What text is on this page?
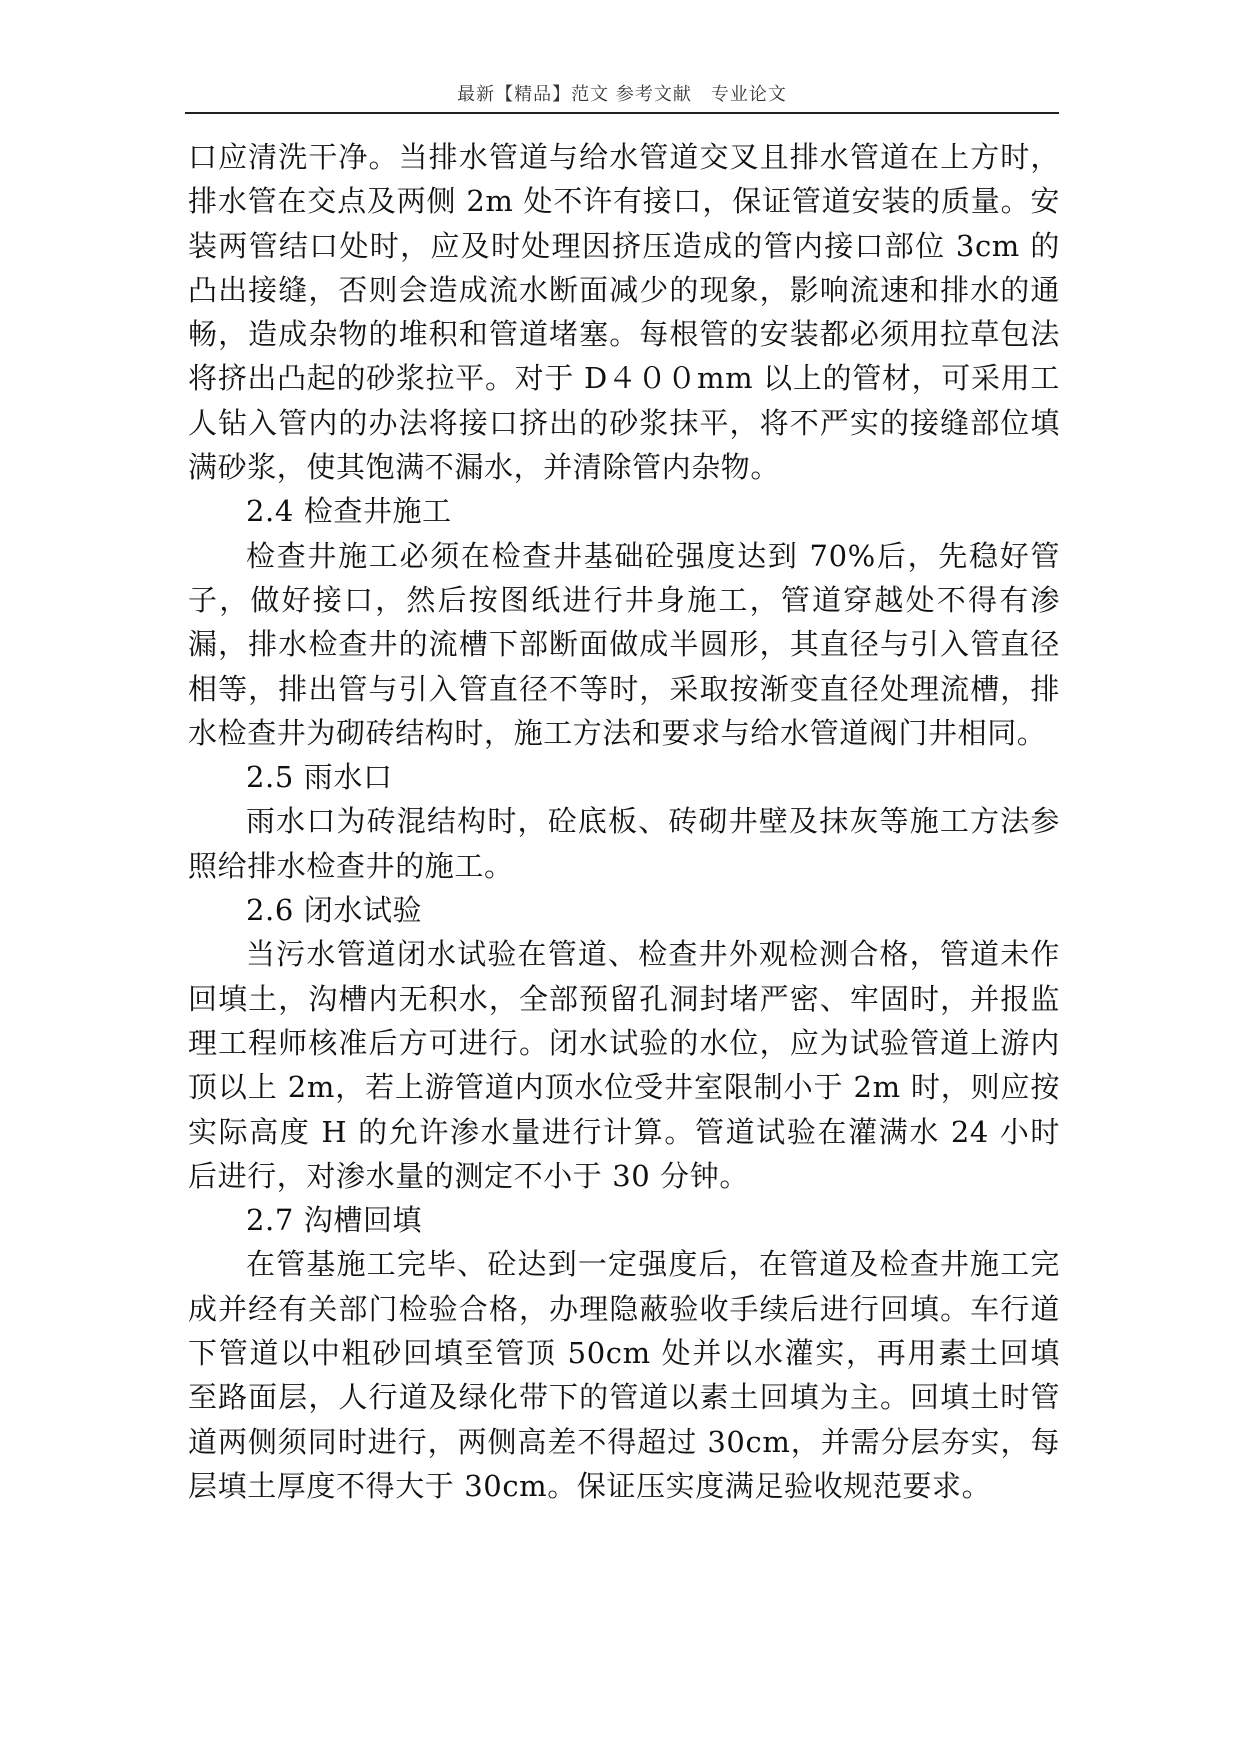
最新【精品】范文 参考文献　专业论文

口应清洗干净。当排水管道与给水管道交叉且排水管道在上方时，排水管在交点及两侧 2m 处不许有接口，保证管道安装的质量。安装两管结口处时，应及时处理因挤压造成的管内接口部位 3cm 的凸出接缝，否则会造成流水断面减少的现象，影响流速和排水的通畅，造成杂物的堆积和管道堵塞。每根管的安装都必须用拉草包法将挤出凸起的砂浆拉平。对于 D４００mm 以上的管材，可采用工人钻入管内的办法将接口挤出的砂浆抹平，将不严实的接缝部位填满砂浆，使其饱满不漏水，并清除管内杂物。

2.4 检查井施工

检查井施工必须在检查井基础砼强度达到 70%后，先稳好管子，做好接口，然后按图纸进行井身施工，管道穿越处不得有渗漏，排水检查井的流槽下部断面做成半圆形，其直径与引入管直径相等，排出管与引入管直径不等时，采取按渐变直径处理流槽，排水检查井为砌砖结构时，施工方法和要求与给水管道阀门井相同。

2.5 雨水口

雨水口为砖混结构时，砼底板、砖砌井壁及抹灰等施工方法参照给排水检查井的施工。

2.6 闭水试验

当污水管道闭水试验在管道、检查井外观检测合格，管道未作回填土，沟槽内无积水，全部预留孔洞封堵严密、牢固时，并报监理工程师核准后方可进行。闭水试验的水位，应为试验管道上游内顶以上 2m，若上游管道内顶水位受井室限制小于 2m 时，则应按实际高度 H 的允许渗水量进行计算。管道试验在灌满水 24 小时后进行，对渗水量的测定不小于 30 分钟。

2.7 沟槽回填

在管基施工完毕、砼达到一定强度后，在管道及检查井施工完成并经有关部门检验合格，办理隐蔽验收手续后进行回填。车行道下管道以中粗砂回填至管顶 50cm 处并以水灌实，再用素土回填至路面层，人行道及绿化带下的管道以素土回填为主。回填土时管道两侧须同时进行，两侧高差不得超过 30cm，并需分层夯实，每层填土厚度不得大于 30cm。保证压实度满足验收规范要求。
